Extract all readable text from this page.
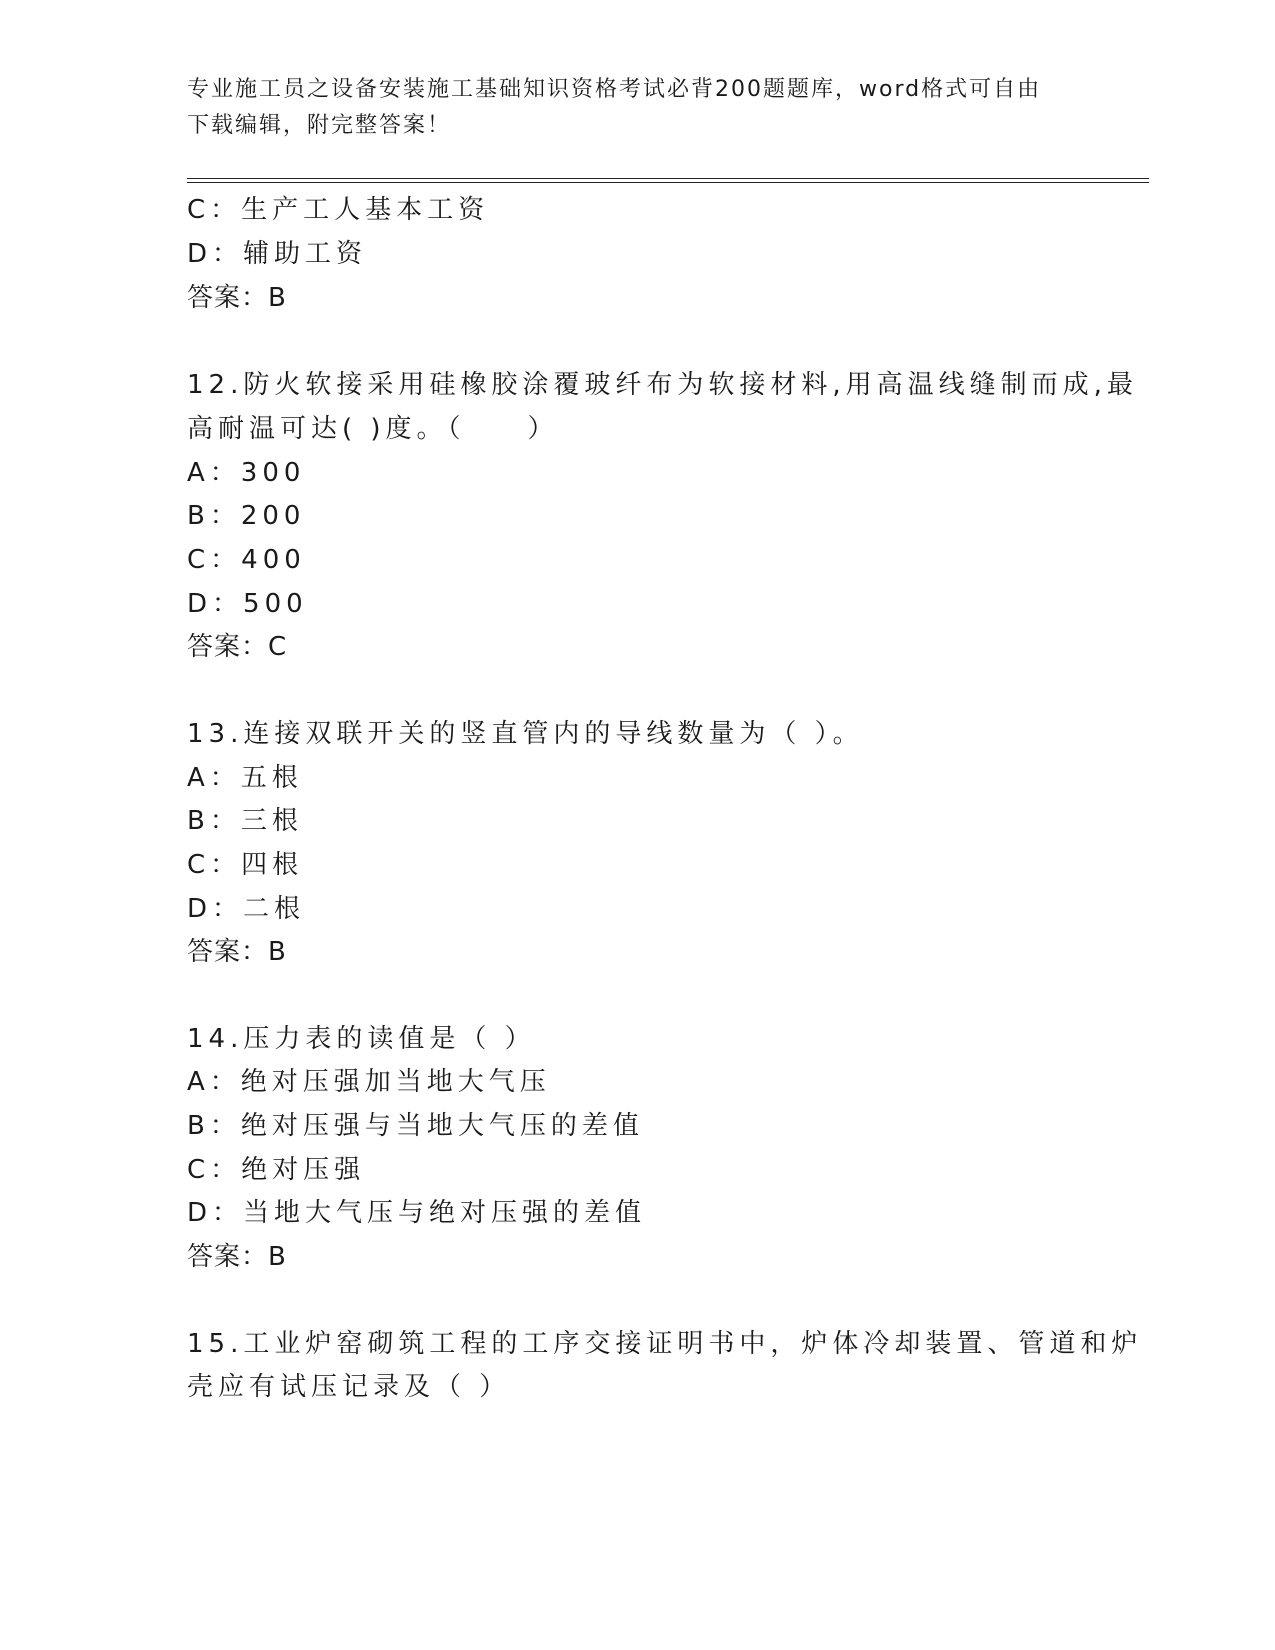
专业施工员之设备安装施工基础知识资格考试必背200题题库，word格式可自由
下载编辑，附完整答案！
C：生产工人基本工资
D：辅助工资
答案：B
12.防火软接采用硅橡胶涂覆玻纤布为软接材料,用高温线缝制而成,最
高耐温可达( )度。（　　）
A：300
B：200
C：400
D：500
答案：C
13.连接双联开关的竖直管内的导线数量为（ ）。
A：五根
B：三根
C：四根
D：二根
答案：B
14.压力表的读值是（ ）
A：绝对压强加当地大气压
B：绝对压强与当地大气压的差值
C：绝对压强
D：当地大气压与绝对压强的差值
答案：B
15.工业炉窑砌筑工程的工序交接证明书中，炉体冷却装置、管道和炉
壳应有试压记录及（ ）
